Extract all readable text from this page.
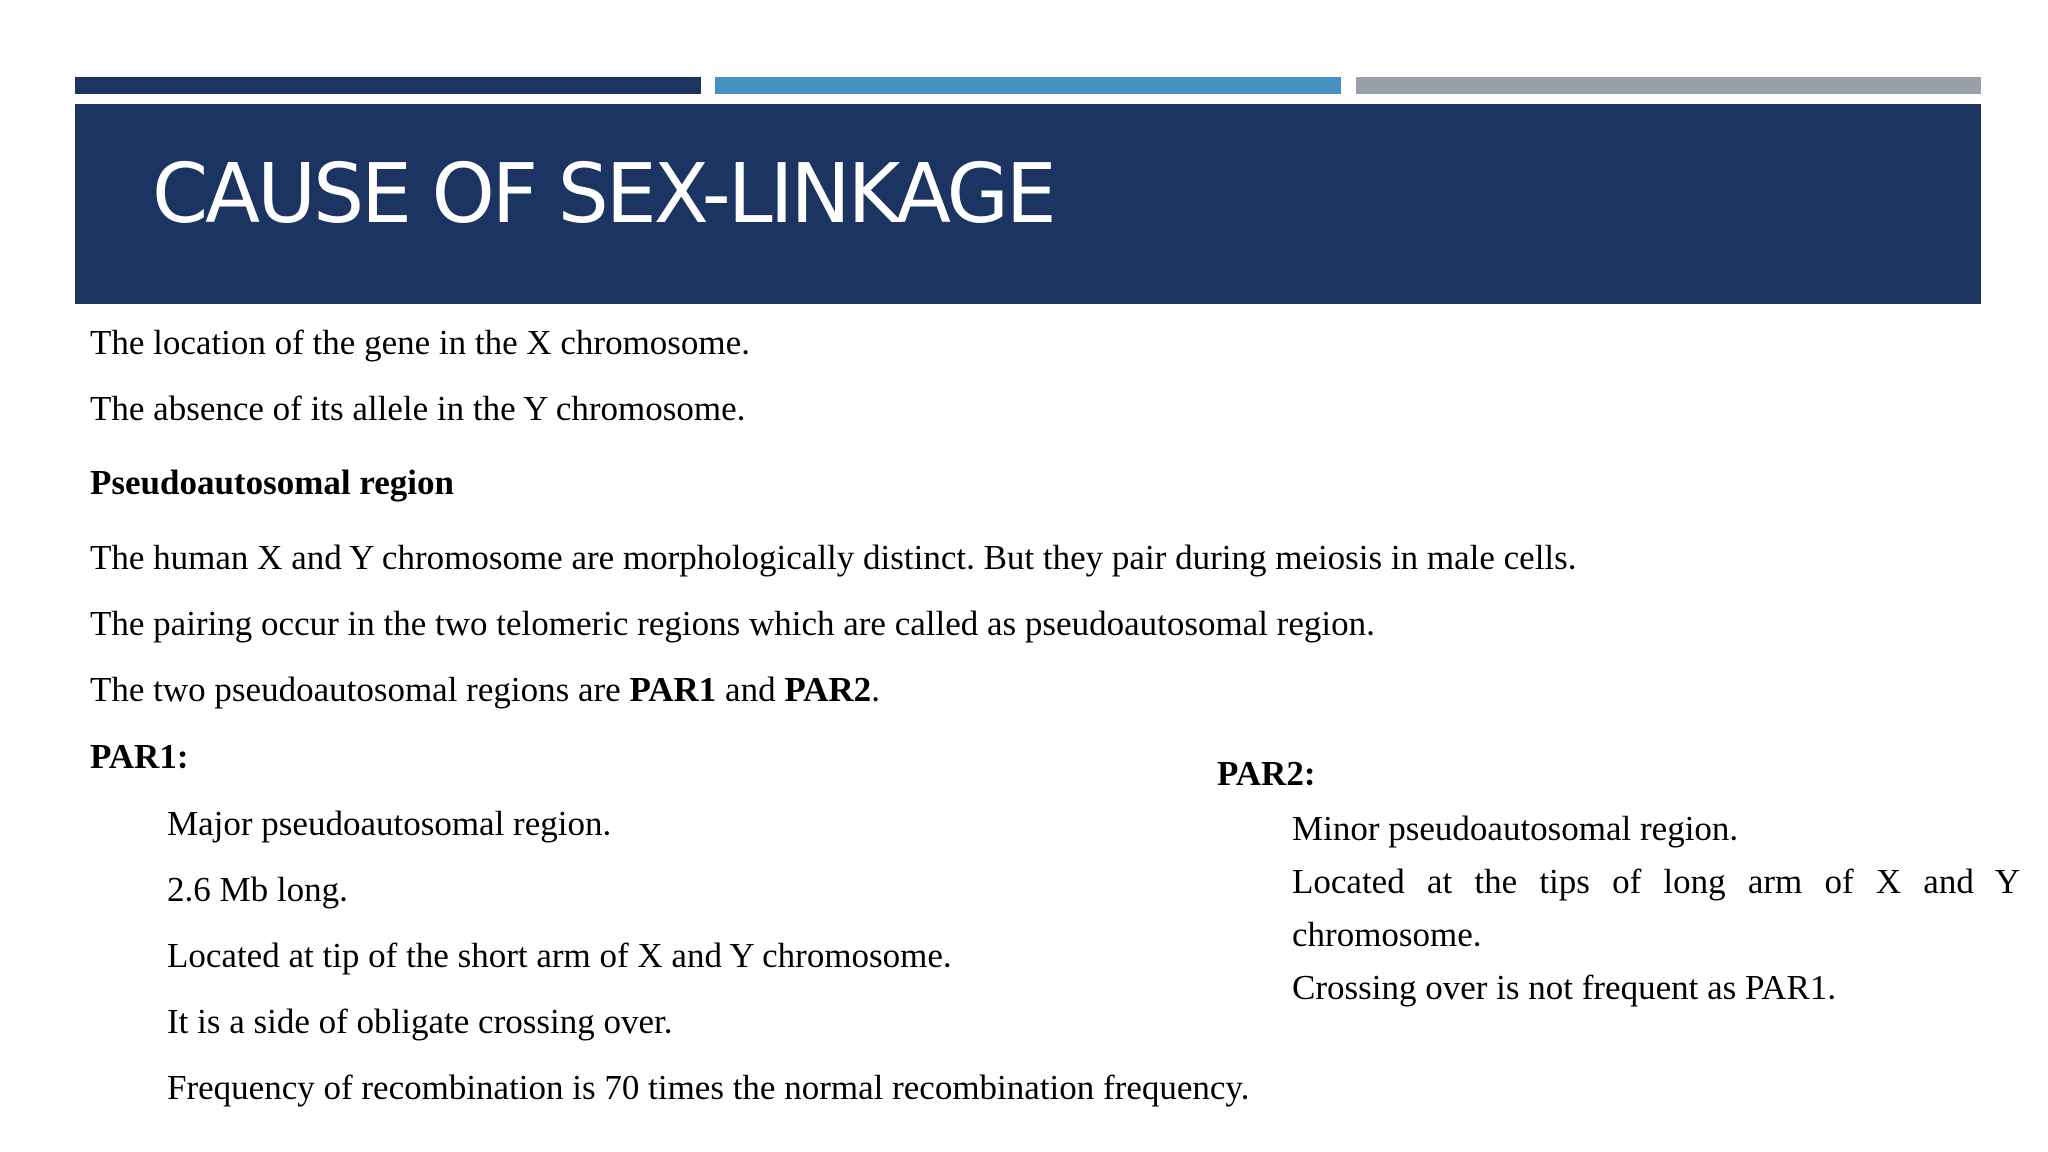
CAUSE OF SEX-LINKAGE

The location of the gene in the X chromosome.

The absence of its allele in the Y chromosome.

Pseudoautosomal region

The human X and Y chromosome are morphologically distinct. But they pair during meiosis in male cells.

The pairing occur in the two telomeric regions which are called as pseudoautosomal region.

The two pseudoautosomal regions are PAR1 and PAR2.

PAR1:

Major pseudoautosomal region.

2.6 Mb long.

Located at tip of the short arm of X and Y chromosome.

It is a side of obligate crossing over.

Frequency of recombination is 70 times the normal recombination frequency.

PAR2:

Minor pseudoautosomal region.
Located at the tips of long arm of X and Y chromosome.
Crossing over is not frequent as PAR1.
